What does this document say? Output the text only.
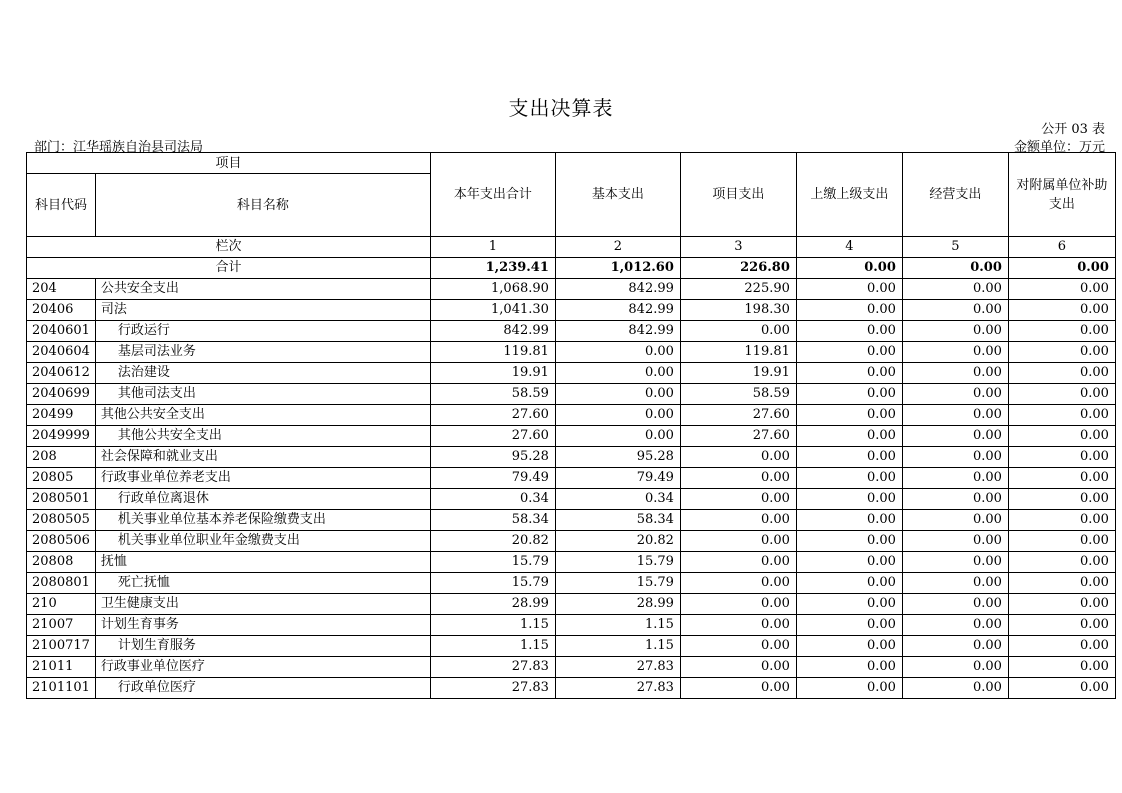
支出决算表
公开 03 表
部门：江华瑶族自治县司法局	金额单位：万元
项目		本年支出合计	基本支出	项目支出	上缴上级支出	经营支出	对附属单位补助支出
科目代码	科目名称						
栏次		1	2	3	4	5	6
合计		1,239.41	1,012.60	226.80	0.00	0.00	0.00
204	公共安全支出	1,068.90	842.99	225.90	0.00	0.00	0.00
20406	司法	1,041.30	842.99	198.30	0.00	0.00	0.00
2040601	行政运行	842.99	842.99	0.00	0.00	0.00	0.00
2040604	基层司法业务	119.81	0.00	119.81	0.00	0.00	0.00
2040612	法治建设	19.91	0.00	19.91	0.00	0.00	0.00
2040699	其他司法支出	58.59	0.00	58.59	0.00	0.00	0.00
20499	其他公共安全支出	27.60	0.00	27.60	0.00	0.00	0.00
2049999	其他公共安全支出	27.60	0.00	27.60	0.00	0.00	0.00
208	社会保障和就业支出	95.28	95.28	0.00	0.00	0.00	0.00
20805	行政事业单位养老支出	79.49	79.49	0.00	0.00	0.00	0.00
2080501	行政单位离退休	0.34	0.34	0.00	0.00	0.00	0.00
2080505	机关事业单位基本养老保险缴费支出	58.34	58.34	0.00	0.00	0.00	0.00
2080506	机关事业单位职业年金缴费支出	20.82	20.82	0.00	0.00	0.00	0.00
20808	抚恤	15.79	15.79	0.00	0.00	0.00	0.00
2080801	死亡抚恤	15.79	15.79	0.00	0.00	0.00	0.00
210	卫生健康支出	28.99	28.99	0.00	0.00	0.00	0.00
21007	计划生育事务	1.15	1.15	0.00	0.00	0.00	0.00
2100717	计划生育服务	1.15	1.15	0.00	0.00	0.00	0.00
21011	行政事业单位医疗	27.83	27.83	0.00	0.00	0.00	0.00
2101101	行政单位医疗	27.83	27.83	0.00	0.00	0.00	0.00
